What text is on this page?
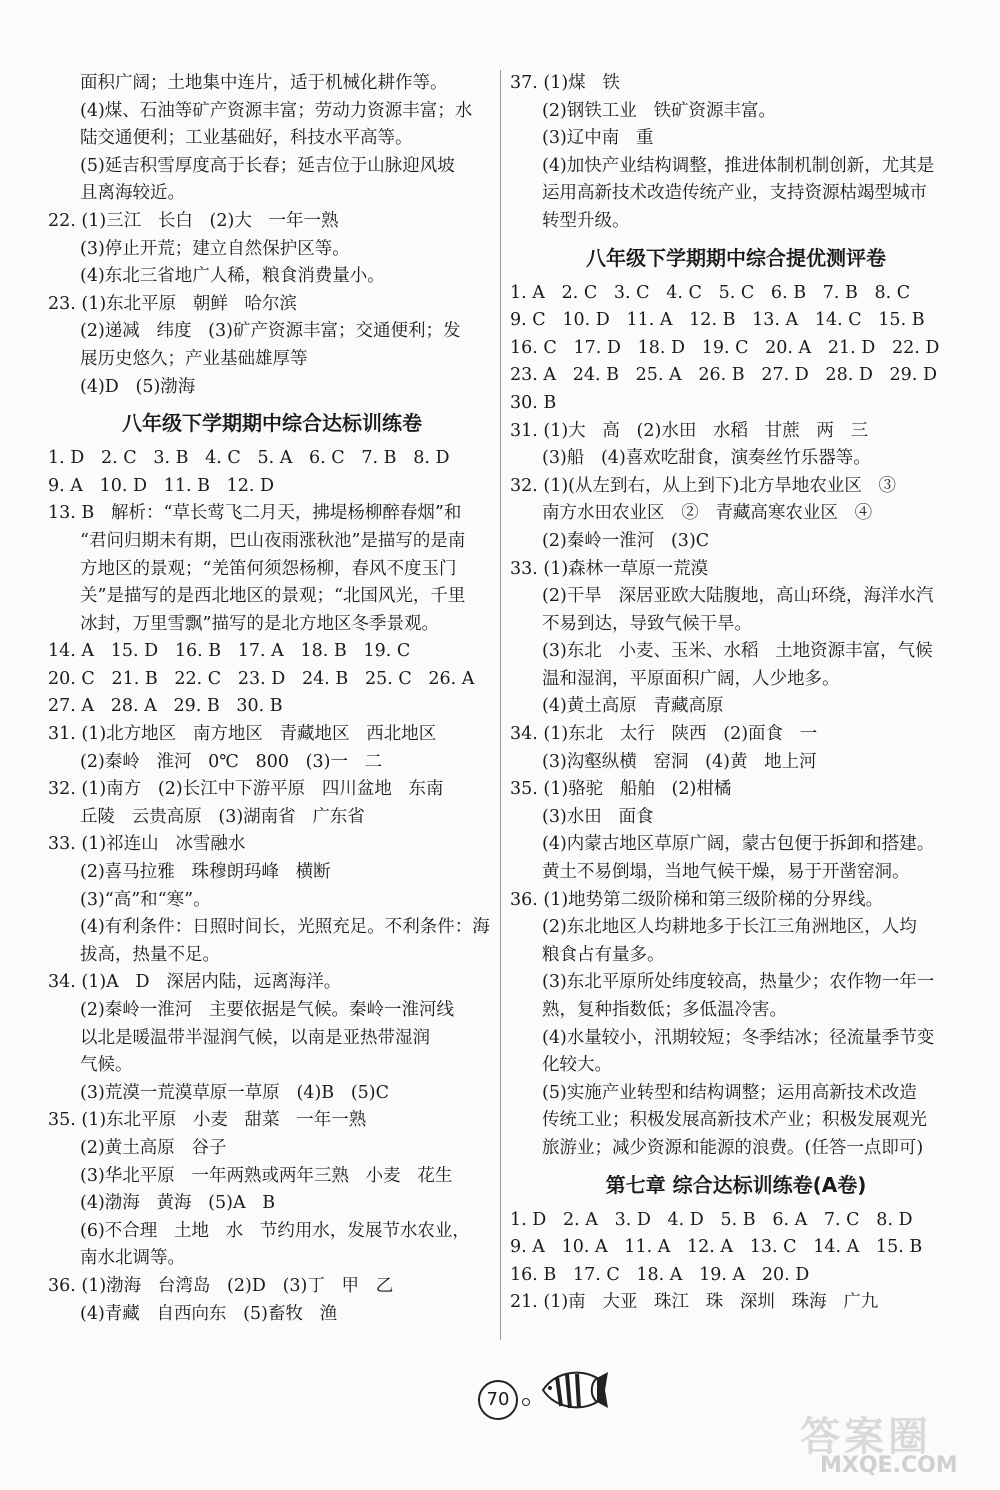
面积广阔；土地集中连片，适于机械化耕作等。
(4)煤、石油等矿产资源丰富；劳动力资源丰富；水
陆交通便利；工业基础好，科技水平高等。
(5)延吉积雪厚度高于长春；延吉位于山脉迎风坡
且离海较近。
22. (1)三江   长白   (2)大   一年一熟
(3)停止开荒；建立自然保护区等。
(4)东北三省地广人稀，粮食消费量小。
23. (1)东北平原   朝鲜   哈尔滨
(2)递减   纬度   (3)矿产资源丰富；交通便利；发
展历史悠久；产业基础雄厚等
(4)D   (5)渤海
八年级下学期期中综合达标训练卷
1. D   2. C   3. B   4. C   5. A   6. C   7. B   8. D
9. A   10. D   11. B   12. D
13. B   解析：“草长莺飞二月天，拂堤杨柳醉春烟”和
“君问归期未有期，巴山夜雨涨秋池”是描写的是南
方地区的景观；“羌笛何须怨杨柳，春风不度玉门
关”是描写的是西北地区的景观；“北国风光，千里
冰封，万里雪飘”描写的是北方地区冬季景观。
14. A   15. D   16. B   17. A   18. B   19. C
20. C   21. B   22. C   23. D   24. B   25. C   26. A
27. A   28. A   29. B   30. B
31. (1)北方地区   南方地区   青藏地区   西北地区
(2)秦岭   淮河   0℃   800   (3)一   二
32. (1)南方   (2)长江中下游平原   四川盆地   东南
丘陵   云贵高原   (3)湖南省   广东省
33. (1)祁连山   冰雪融水
(2)喜马拉雅   珠穆朗玛峰   横断
(3)“高”和“寒”。
(4)有利条件：日照时间长，光照充足。不利条件：海
拔高，热量不足。
34. (1)A   D   深居内陆，远离海洋。
(2)秦岭一淮河   主要依据是气候。秦岭一淮河线
以北是暖温带半湿润气候，以南是亚热带湿润
气候。
(3)荒漠一荒漠草原一草原   (4)B   (5)C
35. (1)东北平原   小麦   甜菜   一年一熟
(2)黄土高原   谷子
(3)华北平原   一年两熟或两年三熟   小麦   花生
(4)渤海   黄海   (5)A   B
(6)不合理   土地   水   节约用水，发展节水农业，
南水北调等。
36. (1)渤海   台湾岛   (2)D   (3)丁   甲   乙
(4)青藏   自西向东   (5)畜牧   渔
37. (1)煤   铁
(2)钢铁工业   铁矿资源丰富。
(3)辽中南   重
(4)加快产业结构调整，推进体制机制创新，尤其是
运用高新技术改造传统产业，支持资源枯竭型城市
转型升级。
八年级下学期期中综合提优测评卷
1. A   2. C   3. C   4. C   5. C   6. B   7. B   8. C
9. C   10. D   11. A   12. B   13. A   14. C   15. B
16. C   17. D   18. D   19. C   20. A   21. D   22. D
23. A   24. B   25. A   26. B   27. D   28. D   29. D
30. B
31. (1)大   高   (2)水田   水稻   甘蔗   两   三
(3)船   (4)喜欢吃甜食，演奏丝竹乐器等。
32. (1)(从左到右，从上到下)北方旱地农业区   ③
南方水田农业区   ②   青藏高寒农业区   ④
(2)秦岭一淮河   (3)C
33. (1)森林一草原一荒漠
(2)干旱   深居亚欧大陆腹地，高山环绕，海洋水汽
不易到达，导致气候干旱。
(3)东北   小麦、玉米、水稻   土地资源丰富，气候
温和湿润，平原面积广阔，人少地多。
(4)黄土高原   青藏高原
34. (1)东北   太行   陕西   (2)面食   一
(3)沟壑纵横   窑洞   (4)黄   地上河
35. (1)骆驼   船舶   (2)柑橘
(3)水田   面食
(4)内蒙古地区草原广阔，蒙古包便于拆卸和搭建。
黄土不易倒塌，当地气候干燥，易于开凿窑洞。
36. (1)地势第二级阶梯和第三级阶梯的分界线。
(2)东北地区人均耕地多于长江三角洲地区，人均
粮食占有量多。
(3)东北平原所处纬度较高，热量少；农作物一年一
熟，复种指数低；多低温冷害。
(4)水量较小，汛期较短；冬季结冰；径流量季节变
化较大。
(5)实施产业转型和结构调整；运用高新技术改造
传统工业；积极发展高新技术产业；积极发展观光
旅游业；减少资源和能源的浪费。(任答一点即可)
第七章 综合达标训练卷(A卷)
1. D   2. A   3. D   4. D   5. B   6. A   7. C   8. D
9. A   10. A   11. A   12. A   13. C   14. A   15. B
16. B   17. C   18. A   19. A   20. D
21. (1)南   大亚   珠江   珠   深圳   珠海   广九
70
答案圈
MXQE.COM
